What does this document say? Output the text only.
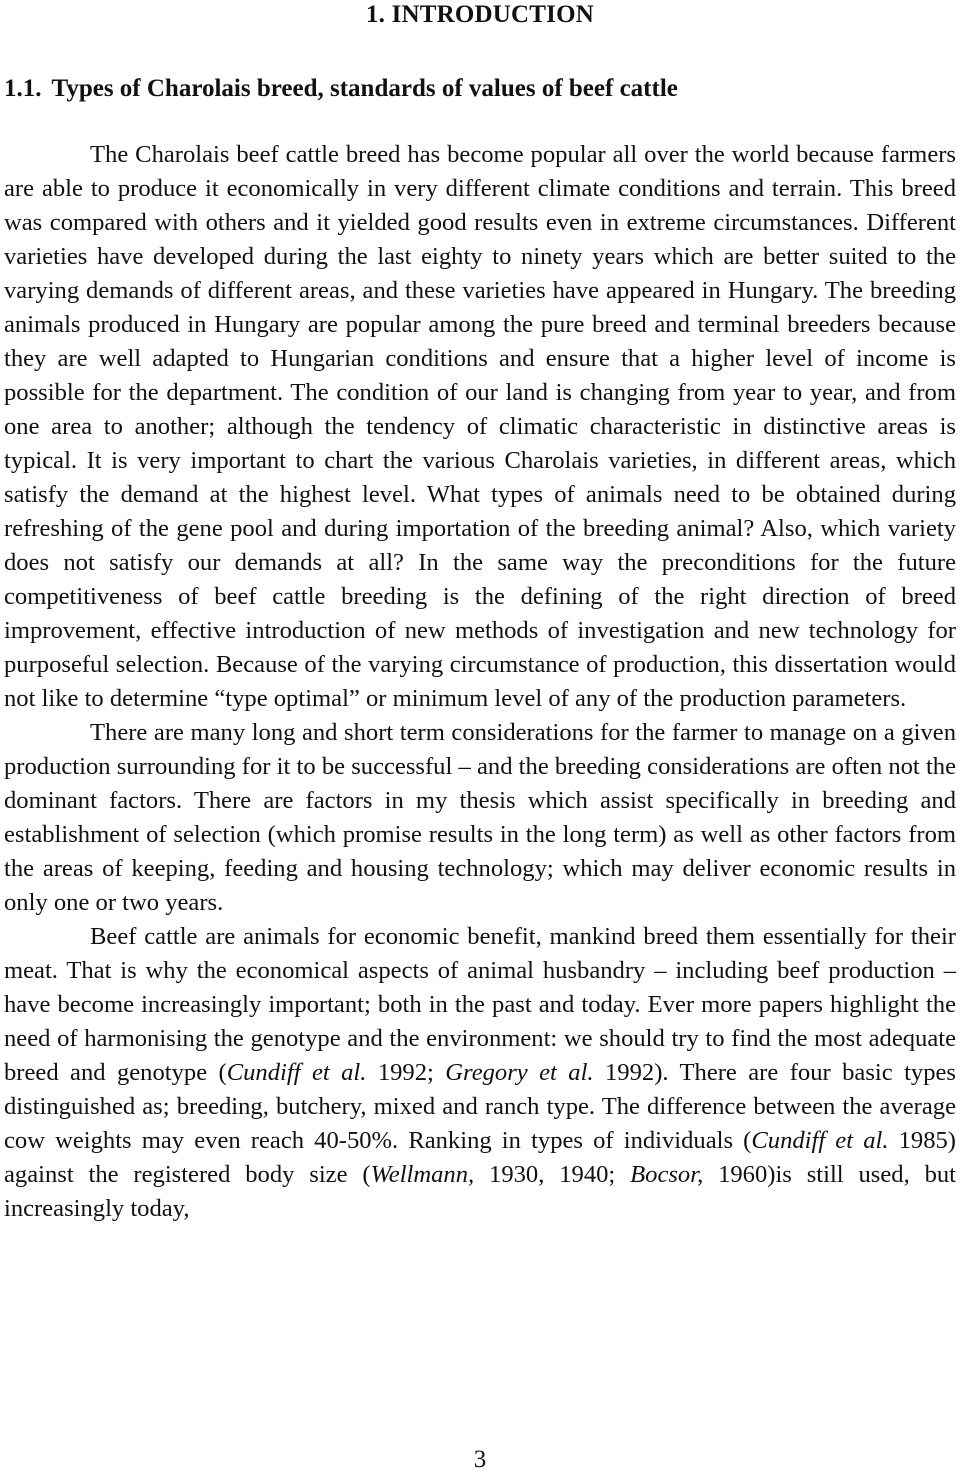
1. INTRODUCTION
1.1. Types of Charolais breed, standards of values of beef cattle

The Charolais beef cattle breed has become popular all over the world because farmers are able to produce it economically in very different climate conditions and terrain. This breed was compared with others and it yielded good results even in extreme circumstances. Different varieties have developed during the last eighty to ninety years which are better suited to the varying demands of different areas, and these varieties have appeared in Hungary. The breeding animals produced in Hungary are popular among the pure breed and terminal breeders because they are well adapted to Hungarian conditions and ensure that a higher level of income is possible for the department. The condition of our land is changing from year to year, and from one area to another; although the tendency of climatic characteristic in distinctive areas is typical. It is very important to chart the various Charolais varieties, in different areas, which satisfy the demand at the highest level. What types of animals need to be obtained during refreshing of the gene pool and during importation of the breeding animal? Also, which variety does not satisfy our demands at all? In the same way the preconditions for the future competitiveness of beef cattle breeding is the defining of the right direction of breed improvement, effective introduction of new methods of investigation and new technology for purposeful selection. Because of the varying circumstance of production, this dissertation would not like to determine “type optimal” or minimum level of any of the production parameters.

There are many long and short term considerations for the farmer to manage on a given production surrounding for it to be successful – and the breeding considerations are often not the dominant factors. There are factors in my thesis which assist specifically in breeding and establishment of selection (which promise results in the long term) as well as other factors from the areas of keeping, feeding and housing technology; which may deliver economic results in only one or two years.

Beef cattle are animals for economic benefit, mankind breed them essentially for their meat. That is why the economical aspects of animal husbandry – including beef production –have become increasingly important; both in the past and today. Ever more papers highlight the need of harmonising the genotype and the environment: we should try to find the most adequate breed and genotype (Cundiff et al. 1992; Gregory et al. 1992). There are four basic types distinguished as; breeding, butchery, mixed and ranch type. The difference between the average cow weights may even reach 40-50%. Ranking in types of individuals (Cundiff et al. 1985) against the registered body size (Wellmann, 1930, 1940; Bocsor, 1960)is still used, but increasingly today,

3
